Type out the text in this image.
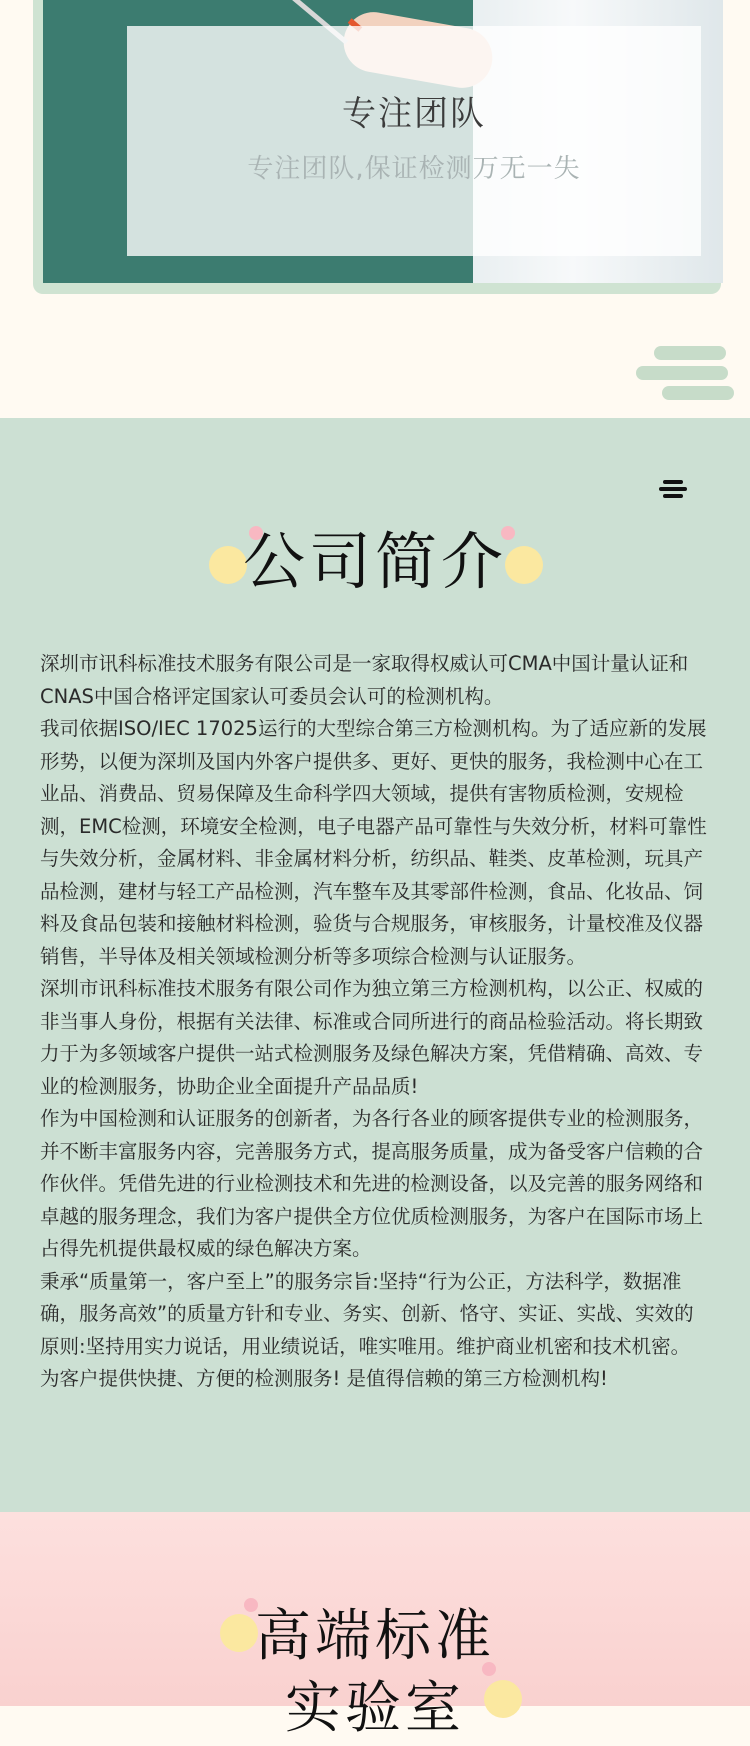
专注团队
专注团队,保证检测万无一失
公司简介

深圳市讯科标准技术服务有限公司是一家取得权威认可CMA中国计量认证和CNAS中国合格评定国家认可委员会认可的检测机构。

我司依据ISO/IEC 17025运行的大型综合第三方检测机构。为了适应新的发展形势，以便为深圳及国内外客户提供多、更好、更快的服务，我检测中心在工业品、消费品、贸易保障及生命科学四大领域，提供有害物质检测，安规检测，EMC检测，环境安全检测，电子电器产品可靠性与失效分析，材料可靠性与失效分析，金属材料、非金属材料分析，纺织品、鞋类、皮革检测，玩具产品检测，建材与轻工产品检测，汽车整车及其零部件检测，食品、化妆品、饲料及食品包装和接触材料检测，验货与合规服务，审核服务，计量校准及仪器销售，半导体及相关领域检测分析等多项综合检测与认证服务。

深圳市讯科标准技术服务有限公司作为独立第三方检测机构，以公正、权威的非当事人身份，根据有关法律、标准或合同所进行的商品检验活动。将长期致力于为多领域客户提供一站式检测服务及绿色解决方案，凭借精确、高效、专业的检测服务，协助企业全面提升产品品质!

作为中国检测和认证服务的创新者，为各行各业的顾客提供专业的检测服务，并不断丰富服务内容，完善服务方式，提高服务质量，成为备受客户信赖的合作伙伴。凭借先进的行业检测技术和先进的检测设备，以及完善的服务网络和卓越的服务理念，我们为客户提供全方位优质检测服务，为客户在国际市场上占得先机提供最权威的绿色解决方案。

秉承“质量第一，客户至上”的服务宗旨:坚持“行为公正，方法科学，数据准确，服务高效”的质量方针和专业、务实、创新、恪守、实证、实战、实效的原则:坚持用实力说话，用业绩说话，唯实唯用。维护商业机密和技术机密。

为客户提供快捷、方便的检测服务! 是值得信赖的第三方检测机构!

高端标准
实验室
